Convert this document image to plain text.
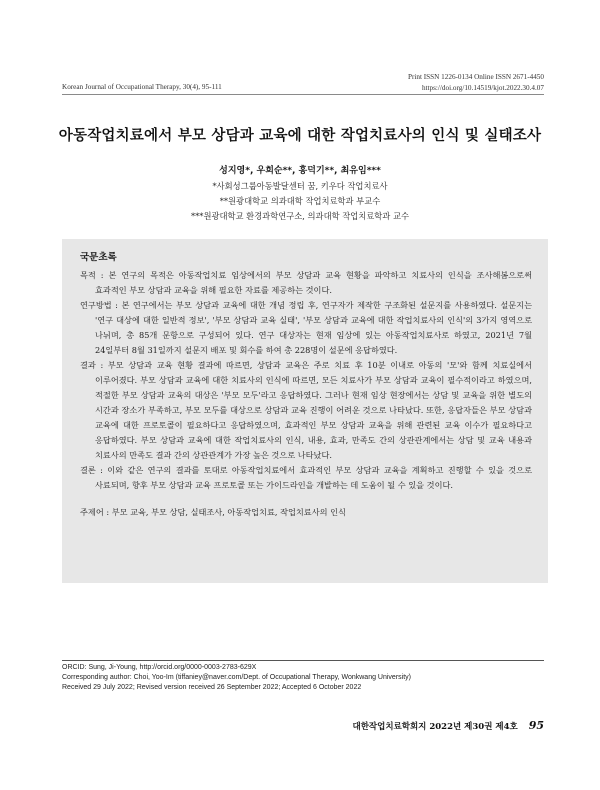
Print ISSN 1226-0134 Online ISSN 2671-4450
https://doi.org/10.14519/kjot.2022.30.4.07
Korean Journal of Occupational Therapy, 30(4), 95-111
아동작업치료에서 부모 상담과 교육에 대한 작업치료사의 인식 및 실태조사
성지영*, 우희순**, 홍덕기**, 최유임***
*사회성그룹아동발달센터 꿈, 키우다 작업치료사
**원광대학교 의과대학 작업치료학과 부교수
***원광대학교 환경과학연구소, 의과대학 작업치료학과 교수
국문초록
목적 : 본 연구의 목적은 아동작업치료 임상에서의 부모 상담과 교육 현황을 파악하고 치료사의 인식을 조사해봄으로써 효과적인 부모 상담과 교육을 위해 필요한 자료를 제공하는 것이다.
연구방법 : 본 연구에서는 부모 상담과 교육에 대한 개념 정립 후, 연구자가 제작한 구조화된 설문지를 사용하였다. 설문지는 '연구 대상에 대한 일반적 정보', '부모 상담과 교육 실태', '부모 상담과 교육에 대한 작업치료사의 인식'의 3가지 영역으로 나뉘며, 총 85개 문항으로 구성되어 있다. 연구 대상자는 현재 임상에 있는 아동작업치료사로 하였고, 2021년 7월 24일부터 8월 31일까지 설문지 배포 및 회수를 하여 총 228명이 설문에 응답하였다.
결과 : 부모 상담과 교육 현황 결과에 따르면, 상담과 교육은 주로 치료 후 10분 이내로 아동의 '모'와 함께 치료실에서 이루어졌다. 부모 상담과 교육에 대한 치료사의 인식에 따르면, 모든 치료사가 부모 상담과 교육이 필수적이라고 하였으며, 적절한 부모 상담과 교육의 대상은 '부모 모두'라고 응답하였다. 그러나 현재 임상 현장에서는 상담 및 교육을 위한 별도의 시간과 장소가 부족하고, 부모 모두를 대상으로 상담과 교육 진행이 어려운 것으로 나타났다. 또한, 응답자들은 부모 상담과 교육에 대한 프로토콜이 필요하다고 응답하였으며, 효과적인 부모 상담과 교육을 위해 관련된 교육 이수가 필요하다고 응답하였다. 부모 상담과 교육에 대한 작업치료사의 인식, 내용, 효과, 만족도 간의 상관관계에서는 상담 및 교육 내용과 치료사의 만족도 결과 간의 상관관계가 가장 높은 것으로 나타났다.
결론 : 이와 같은 연구의 결과를 토대로 아동작업치료에서 효과적인 부모 상담과 교육을 계획하고 진행할 수 있을 것으로 사료되며, 향후 부모 상담과 교육 프로토콜 또는 가이드라인을 개발하는 데 도움이 될 수 있을 것이다.
주제어 : 부모 교육, 부모 상담, 실태조사, 아동작업치료, 작업치료사의 인식
ORCID: Sung, Ji-Young, http://orcid.org/0000-0003-2783-629X
Corresponding author: Choi, Yoo-Im (tiffaniey@naver.com/Dept. of Occupational Therapy, Wonkwang University)
Received 29 July 2022; Revised version received 26 September 2022; Accepted 6 October 2022
대한작업치료학회지 2022년 제30권 제4호 95
